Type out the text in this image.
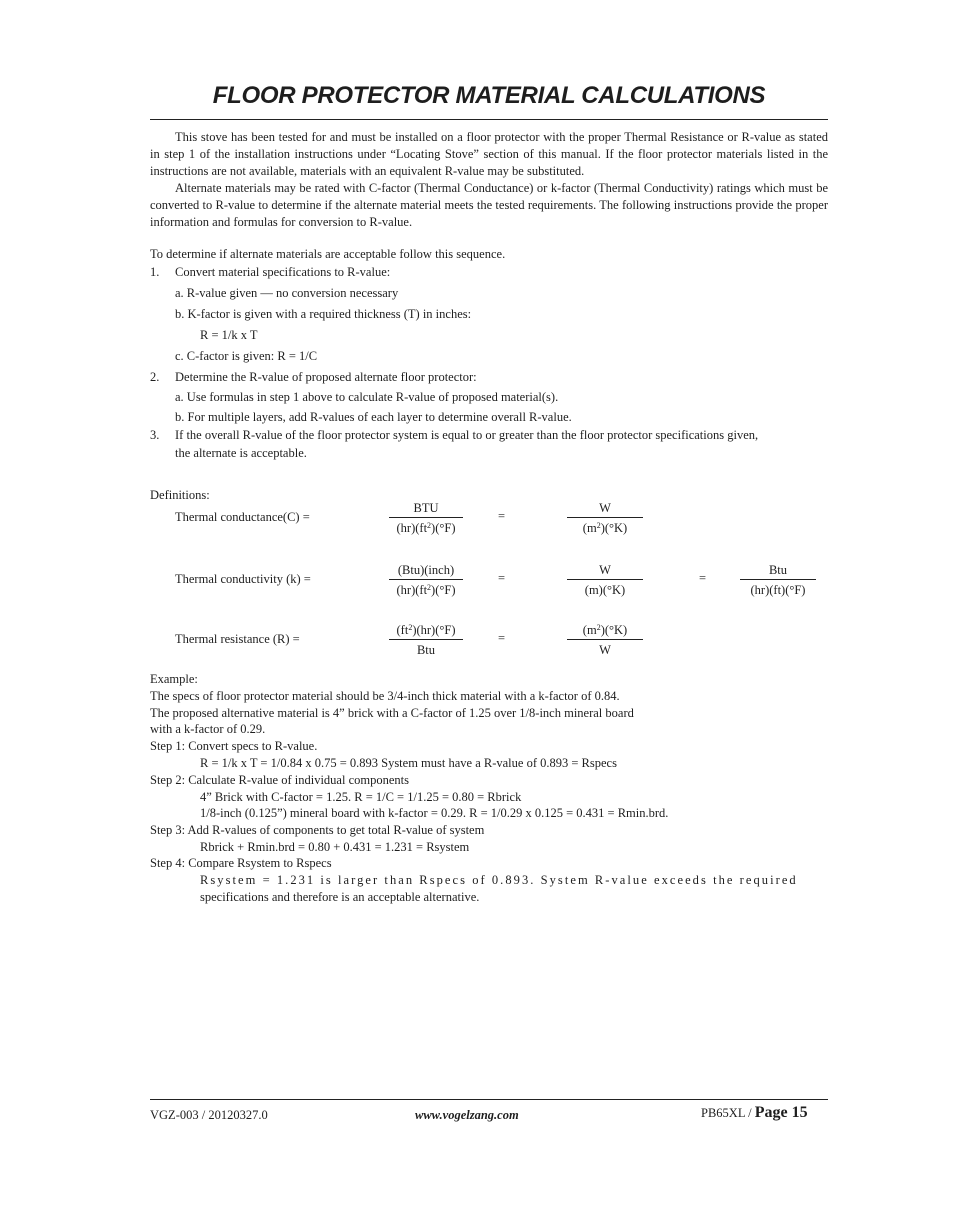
FLOOR PROTECTOR MATERIAL CALCULATIONS

This stove has been tested for and must be installed on a floor protector with the proper Thermal Resistance or R-value as stated in step 1 of the installation instructions under “Locating Stove” section of this manual. If the floor protector materials listed in the instructions are not available, materials with an equivalent R-value may be substituted.

Alternate materials may be rated with C-factor (Thermal Conductance) or k-factor (Thermal Conductivity) ratings which must be converted to R-value to determine if the alternate material meets the tested requirements. The following instructions provide the proper information and formulas for conversion to R-value.

To determine if alternate materials are acceptable follow this sequence.
1. Convert material specifications to R-value:
a. R-value given — no conversion necessary
b. K-factor is given with a required thickness (T) in inches:
R = 1/k x T
c. C-factor is given: R = 1/C
2. Determine the R-value of proposed alternate floor protector:
a. Use formulas in step 1 above to calculate R-value of proposed material(s).
b. For multiple layers, add R-values of each layer to determine overall R-value.
3. If the overall R-value of the floor protector system is equal to or greater than the floor protector specifications given,
the alternate is acceptable.
Definitions:
Thermal conductance(C) =
BTU
$(hr)(ft^2)(^\circ F)$
=
W
$(m^2)(^\circ K)$
Thermal conductivity (k) =
(Btu)(inch)
$(hr)(ft^2)(^\circ F)$
=
W
(m)(°K)
=
Btu
(hr)(ft)(°F)
Thermal resistance (R) =
$(ft^2)(hr)(^\circ F)$
Btu
=
$(m^2)(^\circ K)$
W
Example:
The specs of floor protector material should be 3/4-inch thick material with a k-factor of 0.84.
The proposed alternative material is 4” brick with a C-factor of 1.25 over 1/8-inch mineral board
with a k-factor of 0.29.
Step 1: Convert specs to R-value.
R = 1/k x T = 1/0.84 x 0.75 = 0.893 System must have a R-value of 0.893 = Rspecs
Step 2: Calculate R-value of individual components
4” Brick with C-factor = 1.25. R = 1/C = 1/1.25 = 0.80 = Rbrick
1/8-inch (0.125”) mineral board with k-factor = 0.29. R = 1/0.29 x 0.125 = 0.431 = Rmin.brd.
Step 3: Add R-values of components to get total R-value of system
Rbrick + Rmin.brd = 0.80 + 0.431 = 1.231 = Rsystem
Step 4: Compare Rsystem to Rspecs
Rsystem = 1.231 is larger than Rspecs of 0.893. System R-value exceeds the required
specifications and therefore is an acceptable alternative.
VGZ-003 / 20120327.0	www.vogelzang.com	PB65XL / Page 15
